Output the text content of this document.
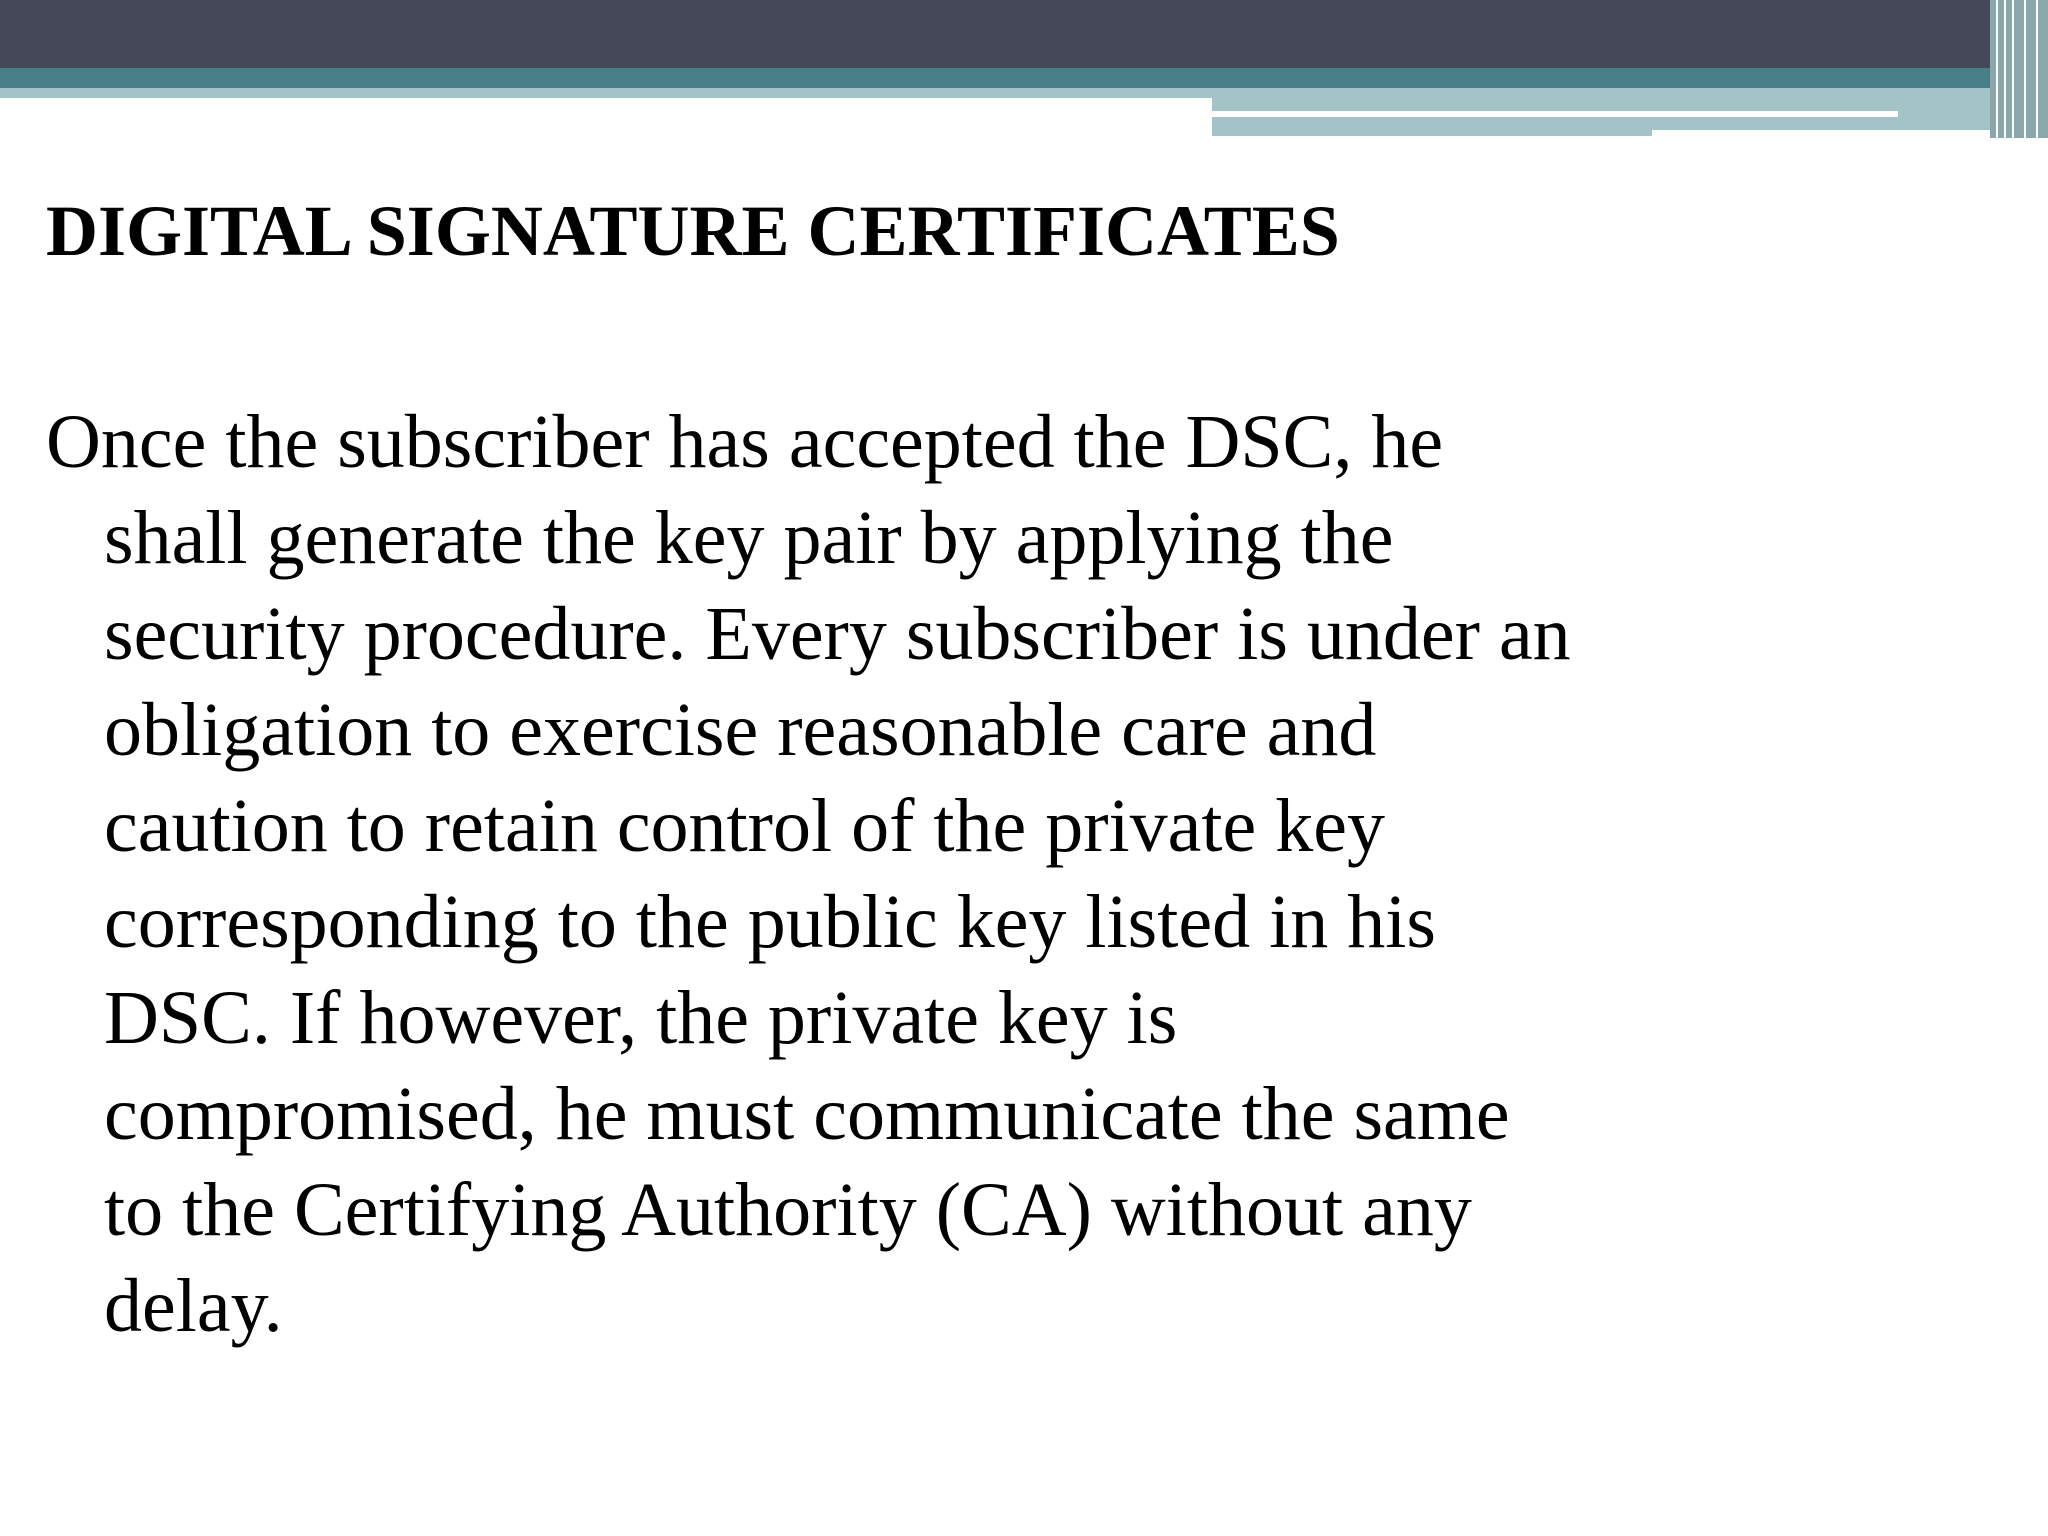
DIGITAL SIGNATURE CERTIFICATES

Once the subscriber has accepted the DSC, he
shall generate the key pair by applying the
security procedure. Every subscriber is under an
obligation to exercise reasonable care and
caution to retain control of the private key
corresponding to the public key listed in his
DSC. If however, the private key is
compromised, he must communicate the same
to the Certifying Authority (CA) without any
delay.
